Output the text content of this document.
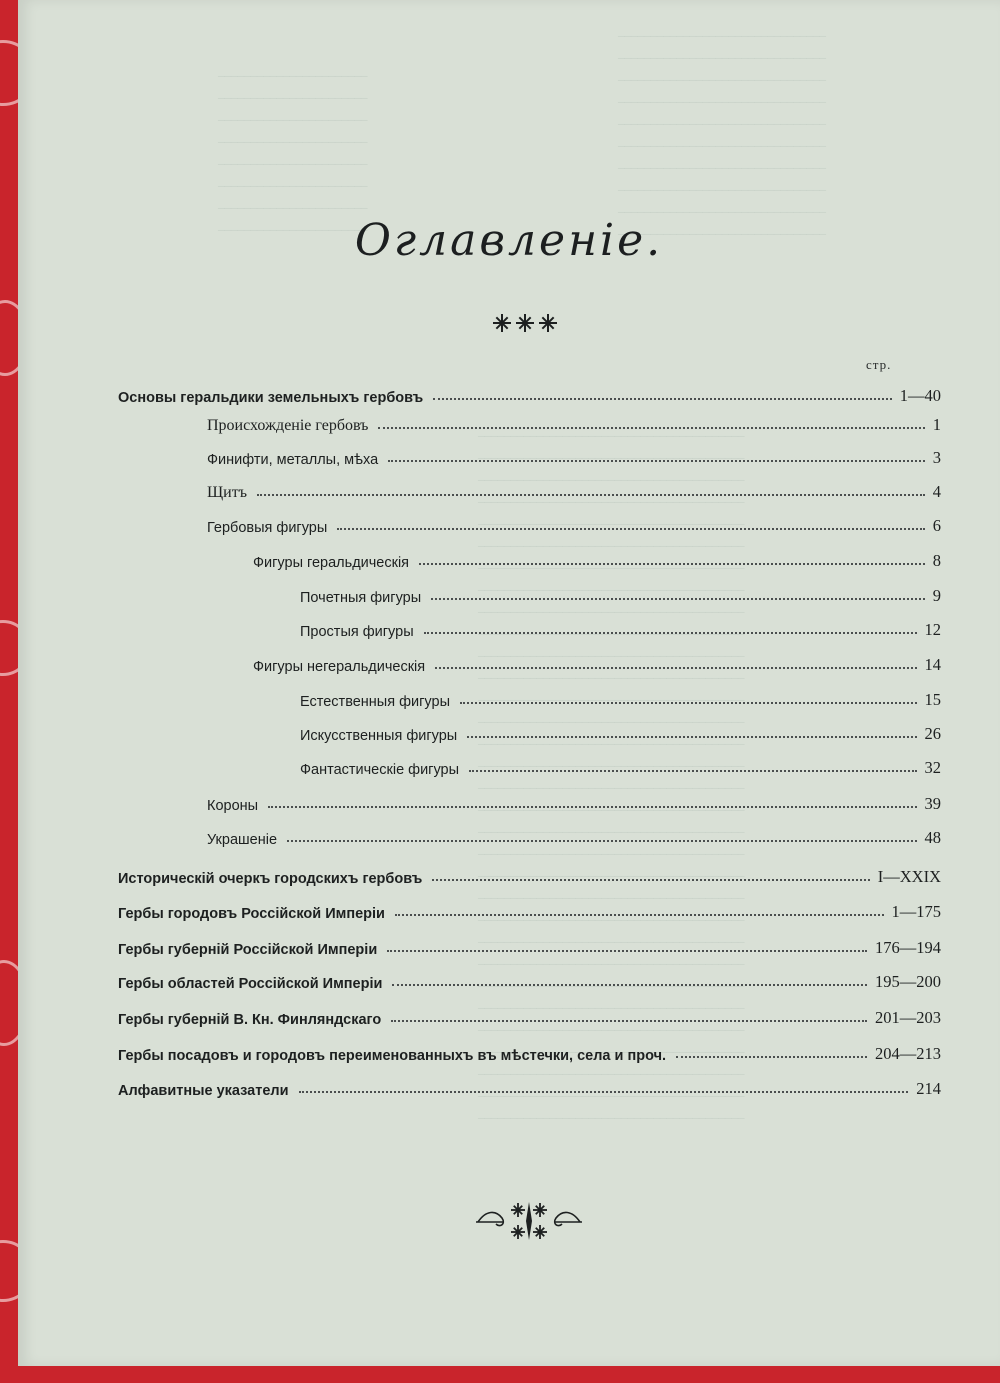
________________________________
________________________________
________________________________
________________________________
________________________________
________________________________
________________________________
________________________________
________________________________
________________________________
_______________________
_______________________
_______________________
_______________________
_______________________
_______________________
_______________________
_______________________
_________________________________________
_________________________________________
_________________________________________
_________________________________________
_________________________________________
_________________________________________
_________________________________________
_________________________________________
_________________________________________
_________________________________________
_________________________________________
_________________________________________
_________________________________________
_________________________________________
_________________________________________
_________________________________________
_________________________________________
_________________________________________
_________________________________________
_________________________________________
_________________________________________
_________________________________________
_________________________________________
_________________________________________
_________________________________________
_________________________________________
_________________________________________
_________________________________________
_________________________________________
_________________________________________
_________________________________________
_________________________________________
Оглавленіе.
стр.
Основы геральдики земельныхъ гербовъ	1—40
Происхожденіе гербовъ	1
Финифти, металлы, мѣха	3
Щитъ	4
Гербовыя фигуры	6
Фигуры геральдическія	8
Почетныя фигуры	9
Простыя фигуры	12
Фигуры негеральдическія	14
Естественныя фигуры	15
Искусственныя фигуры	26
Фантастическіе фигуры	32
Короны	39
Украшеніе	48
Историческій очеркъ городскихъ гербовъ	I—XXIX
Гербы городовъ Россійской Имперіи	1—175
Гербы губерній Россійской Имперіи	176—194
Гербы областей Россійской Имперіи	195—200
Гербы губерній В. Кн. Финляндскаго	201—203
Гербы посадовъ и городовъ переименованныхъ въ мѣстечки, села и проч.	204—213
Алфавитные указатели	214
